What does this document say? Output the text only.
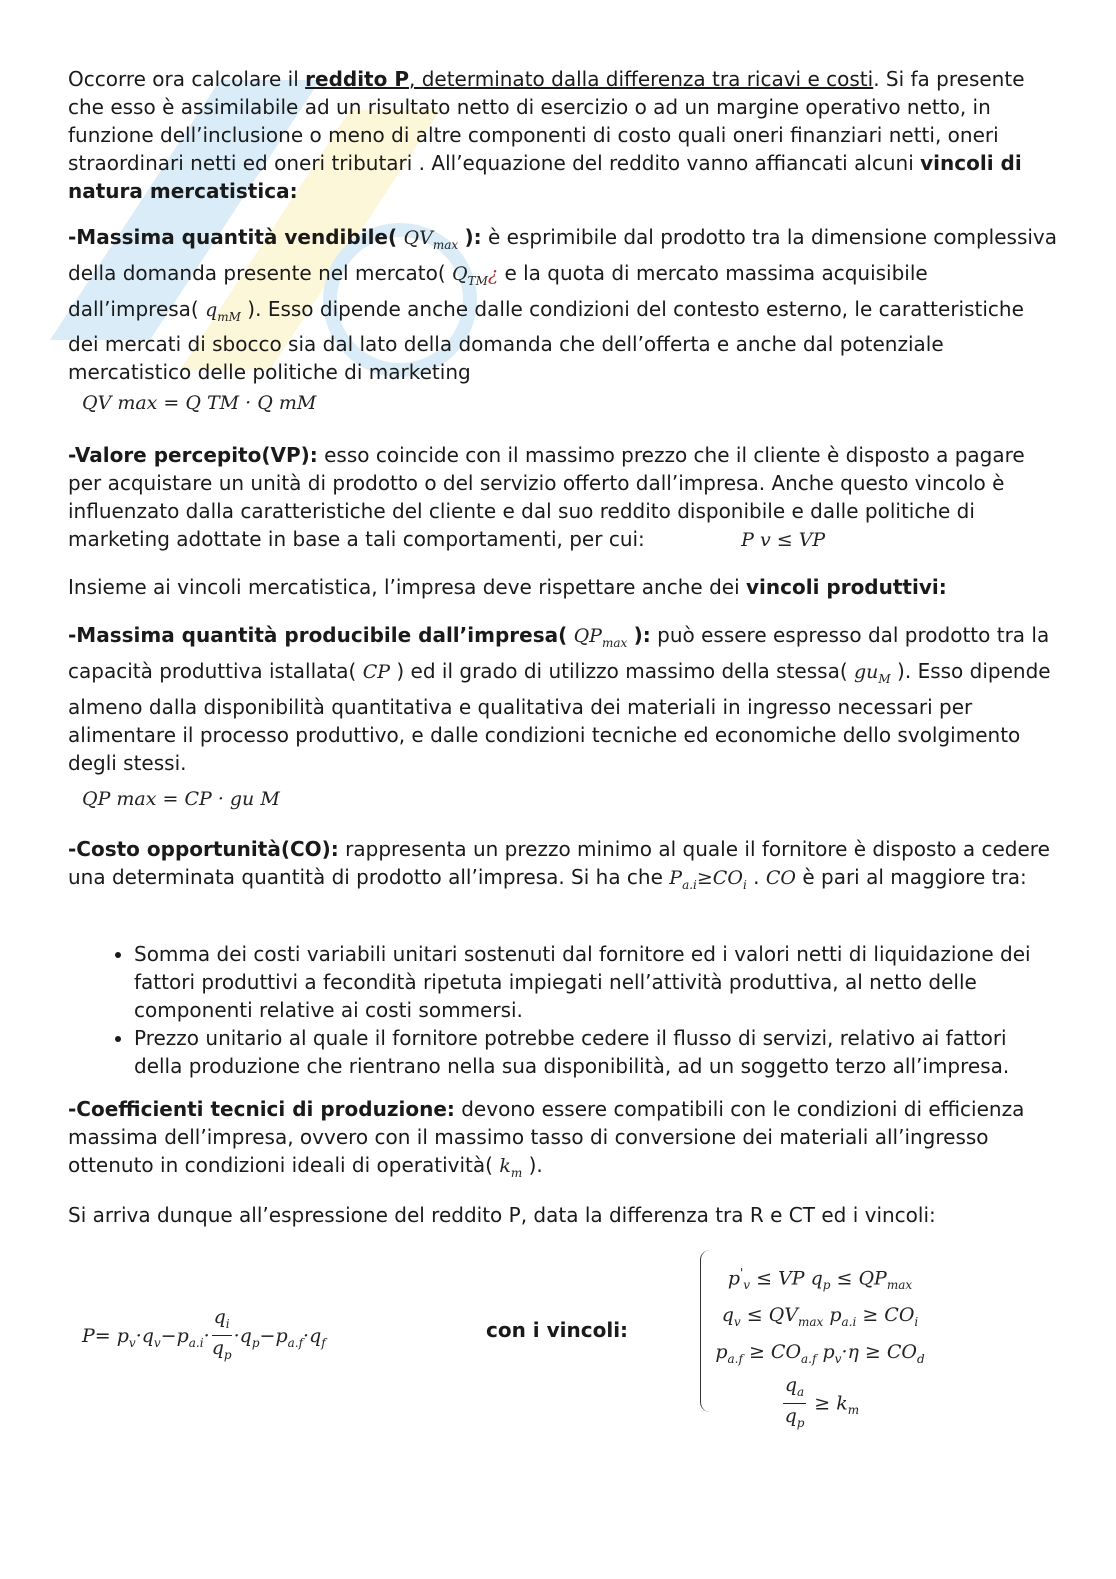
Occorre ora calcolare il reddito P, determinato dalla differenza tra ricavi e costi. Si fa presente che esso è assimilabile ad un risultato netto di esercizio o ad un margine operativo netto, in funzione dell’inclusione o meno di altre componenti di costo quali oneri finanziari netti, oneri straordinari netti ed oneri tributari . All’equazione del reddito vanno affiancati alcuni vincoli di natura mercatistica:

-Massima quantità vendibile( $QV_{max}$ ): è esprimibile dal prodotto tra la dimensione complessiva della domanda presente nel mercato( $Q_{TM}¿$ e la quota di mercato massima acquisibile dall’impresa( $q_{mM}$ ). Esso dipende anche dalle condizioni del contesto esterno, le caratteristiche dei mercati di sbocco sia dal lato della domanda che dell’offerta e anche dal potenziale mercatistico delle politiche di marketing

QV max = Q TM · Q mM

-Valore percepito(VP): esso coincide con il massimo prezzo che il cliente è disposto a pagare per acquistare un unità di prodotto o del servizio offerto dall’impresa. Anche questo vincolo è influenzato dalla caratteristiche del cliente e dal suo reddito disponibile e dalle politiche di marketing adottate in base a tali comportamenti, per cui:	P v ≤ VP

Insieme ai vincoli mercatistica, l’impresa deve rispettare anche dei vincoli produttivi:

-Massima quantità producibile dall’impresa( $QP_{max}$ ): può essere espresso dal prodotto tra la capacità produttiva istallata( CP ) ed il grado di utilizzo massimo della stessa( $gu_M$ ). Esso dipende almeno dalla disponibilità quantitativa e qualitativa dei materiali in ingresso necessari per alimentare il processo produttivo, e dalle condizioni tecniche ed economiche dello svolgimento degli stessi.

QP max = CP · gu M

-Costo opportunità(CO): rappresenta un prezzo minimo al quale il fornitore è disposto a cedere una determinata quantità di prodotto all’impresa. Si ha che $P_{a.i}\ge CO_i$ . CO è pari al maggiore tra:

• Somma dei costi variabili unitari sostenuti dal fornitore ed i valori netti di liquidazione dei fattori produttivi a fecondità ripetuta impiegati nell’attività produttiva, al netto delle componenti relative ai costi sommersi.
• Prezzo unitario al quale il fornitore potrebbe cedere il flusso di servizi, relativo ai fattori della produzione che rientrano nella sua disponibilità, ad un soggetto terzo all’impresa.

-Coefficienti tecnici di produzione: devono essere compatibili con le condizioni di efficienza massima dell’impresa, ovvero con il massimo tasso di conversione dei materiali all’ingresso ottenuto in condizioni ideali di operatività( $k_m$ ).

Si arriva dunque all’espressione del reddito P, data la differenza tra R e CT ed i vincoli:

$P= p_v\cdot q_v-p_{a.i}\cdot \frac{q_i}{q_p} \cdot q_p-p_{a.f}\cdot q_f$
con i vincoli:
$p'_v$ ≤ VP $q_p \le QP_{max}$
$q_v \le QV_{max}$ $p_{a.i} \ge CO_i$
$p_{a.f} \ge CO_{a.f}$ $p_v\cdot\eta \ge CO_d$
$\frac{q_a}{q_p} \ge k_m$
